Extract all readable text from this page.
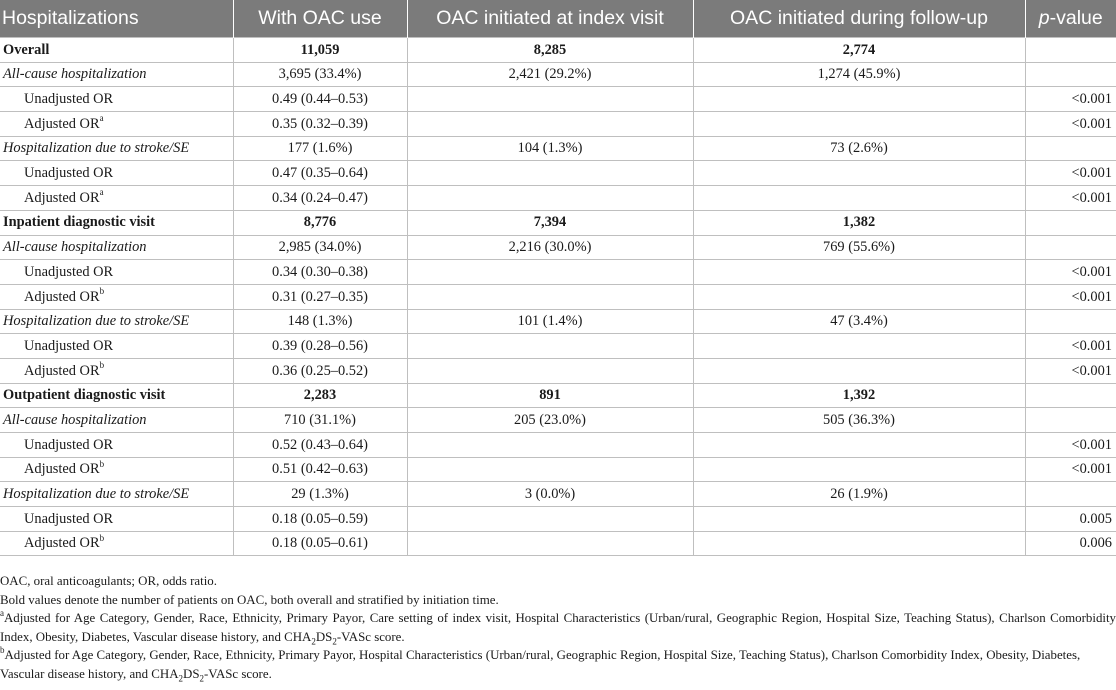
Hospitalizations	With OAC use	OAC initiated at index visit	OAC initiated during follow-up	p-value
Overall	11,059	8,285	2,774	
All-cause hospitalization	3,695 (33.4%)	2,421 (29.2%)	1,274 (45.9%)	
Unadjusted OR	0.49 (0.44–0.53)			<0.001
Adjusted $OR^a$	0.35 (0.32–0.39)			<0.001
Hospitalization due to stroke/SE	177 (1.6%)	104 (1.3%)	73 (2.6%)	
Unadjusted OR	0.47 (0.35–0.64)			<0.001
Adjusted $OR^a$	0.34 (0.24–0.47)			<0.001
Inpatient diagnostic visit	8,776	7,394	1,382	
All-cause hospitalization	2,985 (34.0%)	2,216 (30.0%)	769 (55.6%)	
Unadjusted OR	0.34 (0.30–0.38)			<0.001
Adjusted $OR^b$	0.31 (0.27–0.35)			<0.001
Hospitalization due to stroke/SE	148 (1.3%)	101 (1.4%)	47 (3.4%)	
Unadjusted OR	0.39 (0.28–0.56)			<0.001
Adjusted $OR^b$	0.36 (0.25–0.52)			<0.001
Outpatient diagnostic visit	2,283	891	1,392	
All-cause hospitalization	710 (31.1%)	205 (23.0%)	505 (36.3%)	
Unadjusted OR	0.52 (0.43–0.64)			<0.001
Adjusted $OR^b$	0.51 (0.42–0.63)			<0.001
Hospitalization due to stroke/SE	29 (1.3%)	3 (0.0%)	26 (1.9%)	
Unadjusted OR	0.18 (0.05–0.59)			0.005
Adjusted $OR^b$	0.18 (0.05–0.61)			0.006

OAC, oral anticoagulants; OR, odds ratio.

Bold values denote the number of patients on OAC, both overall and stratified by initiation time.

$^a$Adjusted for Age Category, Gender, Race, Ethnicity, Primary Payor, Care setting of index visit, Hospital Characteristics (Urban/rural, Geographic Region, Hospital Size, Teaching Status), Charlson Comorbidity Index, Obesity, Diabetes, Vascular disease history, and $CHA_2DS_2$-VASc score.

$^b$Adjusted for Age Category, Gender, Race, Ethnicity, Primary Payor, Hospital Characteristics (Urban/rural, Geographic Region, Hospital Size, Teaching Status), Charlson Comorbidity Index, Obesity, Diabetes, Vascular disease history, and $CHA_2DS_2$-VASc score.
